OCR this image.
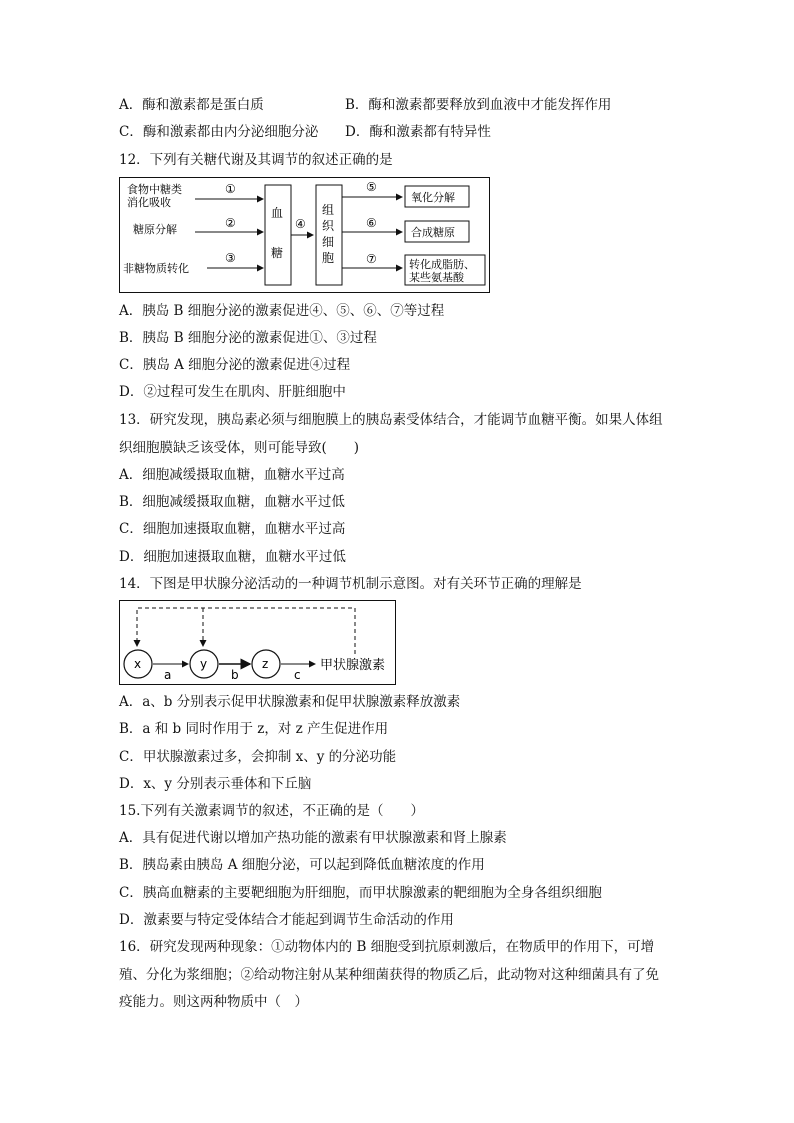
A．酶和激素都是蛋白质	B．酶和激素都要释放到血液中才能发挥作用
C．酶和激素都由内分泌细胞分泌 D．酶和激素都有特异性
12．下列有关糖代谢及其调节的叙述正确的是
食物中糖类
消化吸收
糖原分解
非糖物质转化
①
②
③
血
糖
④
组
织
细
胞
⑤
⑥
⑦
氧化分解
合成糖原
转化成脂肪、
某些氨基酸
A．胰岛 B 细胞分泌的激素促进④、⑤、⑥、⑦等过程
B．胰岛 B 细胞分泌的激素促进①、③过程
C．胰岛 A 细胞分泌的激素促进④过程
D．②过程可发生在肌肉、肝脏细胞中
13．研究发现，胰岛素必须与细胞膜上的胰岛素受体结合，才能调节血糖平衡。如果人体组
织细胞膜缺乏该受体，则可能导致(　　)
A．细胞减缓摄取血糖，血糖水平过高
B．细胞减缓摄取血糖，血糖水平过低
C．细胞加速摄取血糖，血糖水平过高
D．细胞加速摄取血糖，血糖水平过低
14．下图是甲状腺分泌活动的一种调节机制示意图。对有关环节正确的理解是
x	y	z
a	b	c
甲状腺激素
A．a、b 分别表示促甲状腺激素和促甲状腺激素释放激素
B．a 和 b 同时作用于 z，对 z 产生促进作用
C．甲状腺激素过多，会抑制 x、y 的分泌功能
D．x、y 分别表示垂体和下丘脑
15.下列有关激素调节的叙述，不正确的是（　　）
A．具有促进代谢以增加产热功能的激素有甲状腺激素和肾上腺素
B．胰岛素由胰岛 A 细胞分泌，可以起到降低血糖浓度的作用
C．胰高血糖素的主要靶细胞为肝细胞，而甲状腺激素的靶细胞为全身各组织细胞
D．激素要与特定受体结合才能起到调节生命活动的作用
16．研究发现两种现象：①动物体内的 B 细胞受到抗原刺激后，在物质甲的作用下，可增
殖、分化为浆细胞；②给动物注射从某种细菌获得的物质乙后，此动物对这种细菌具有了免
疫能力。则这两种物质中（　）
